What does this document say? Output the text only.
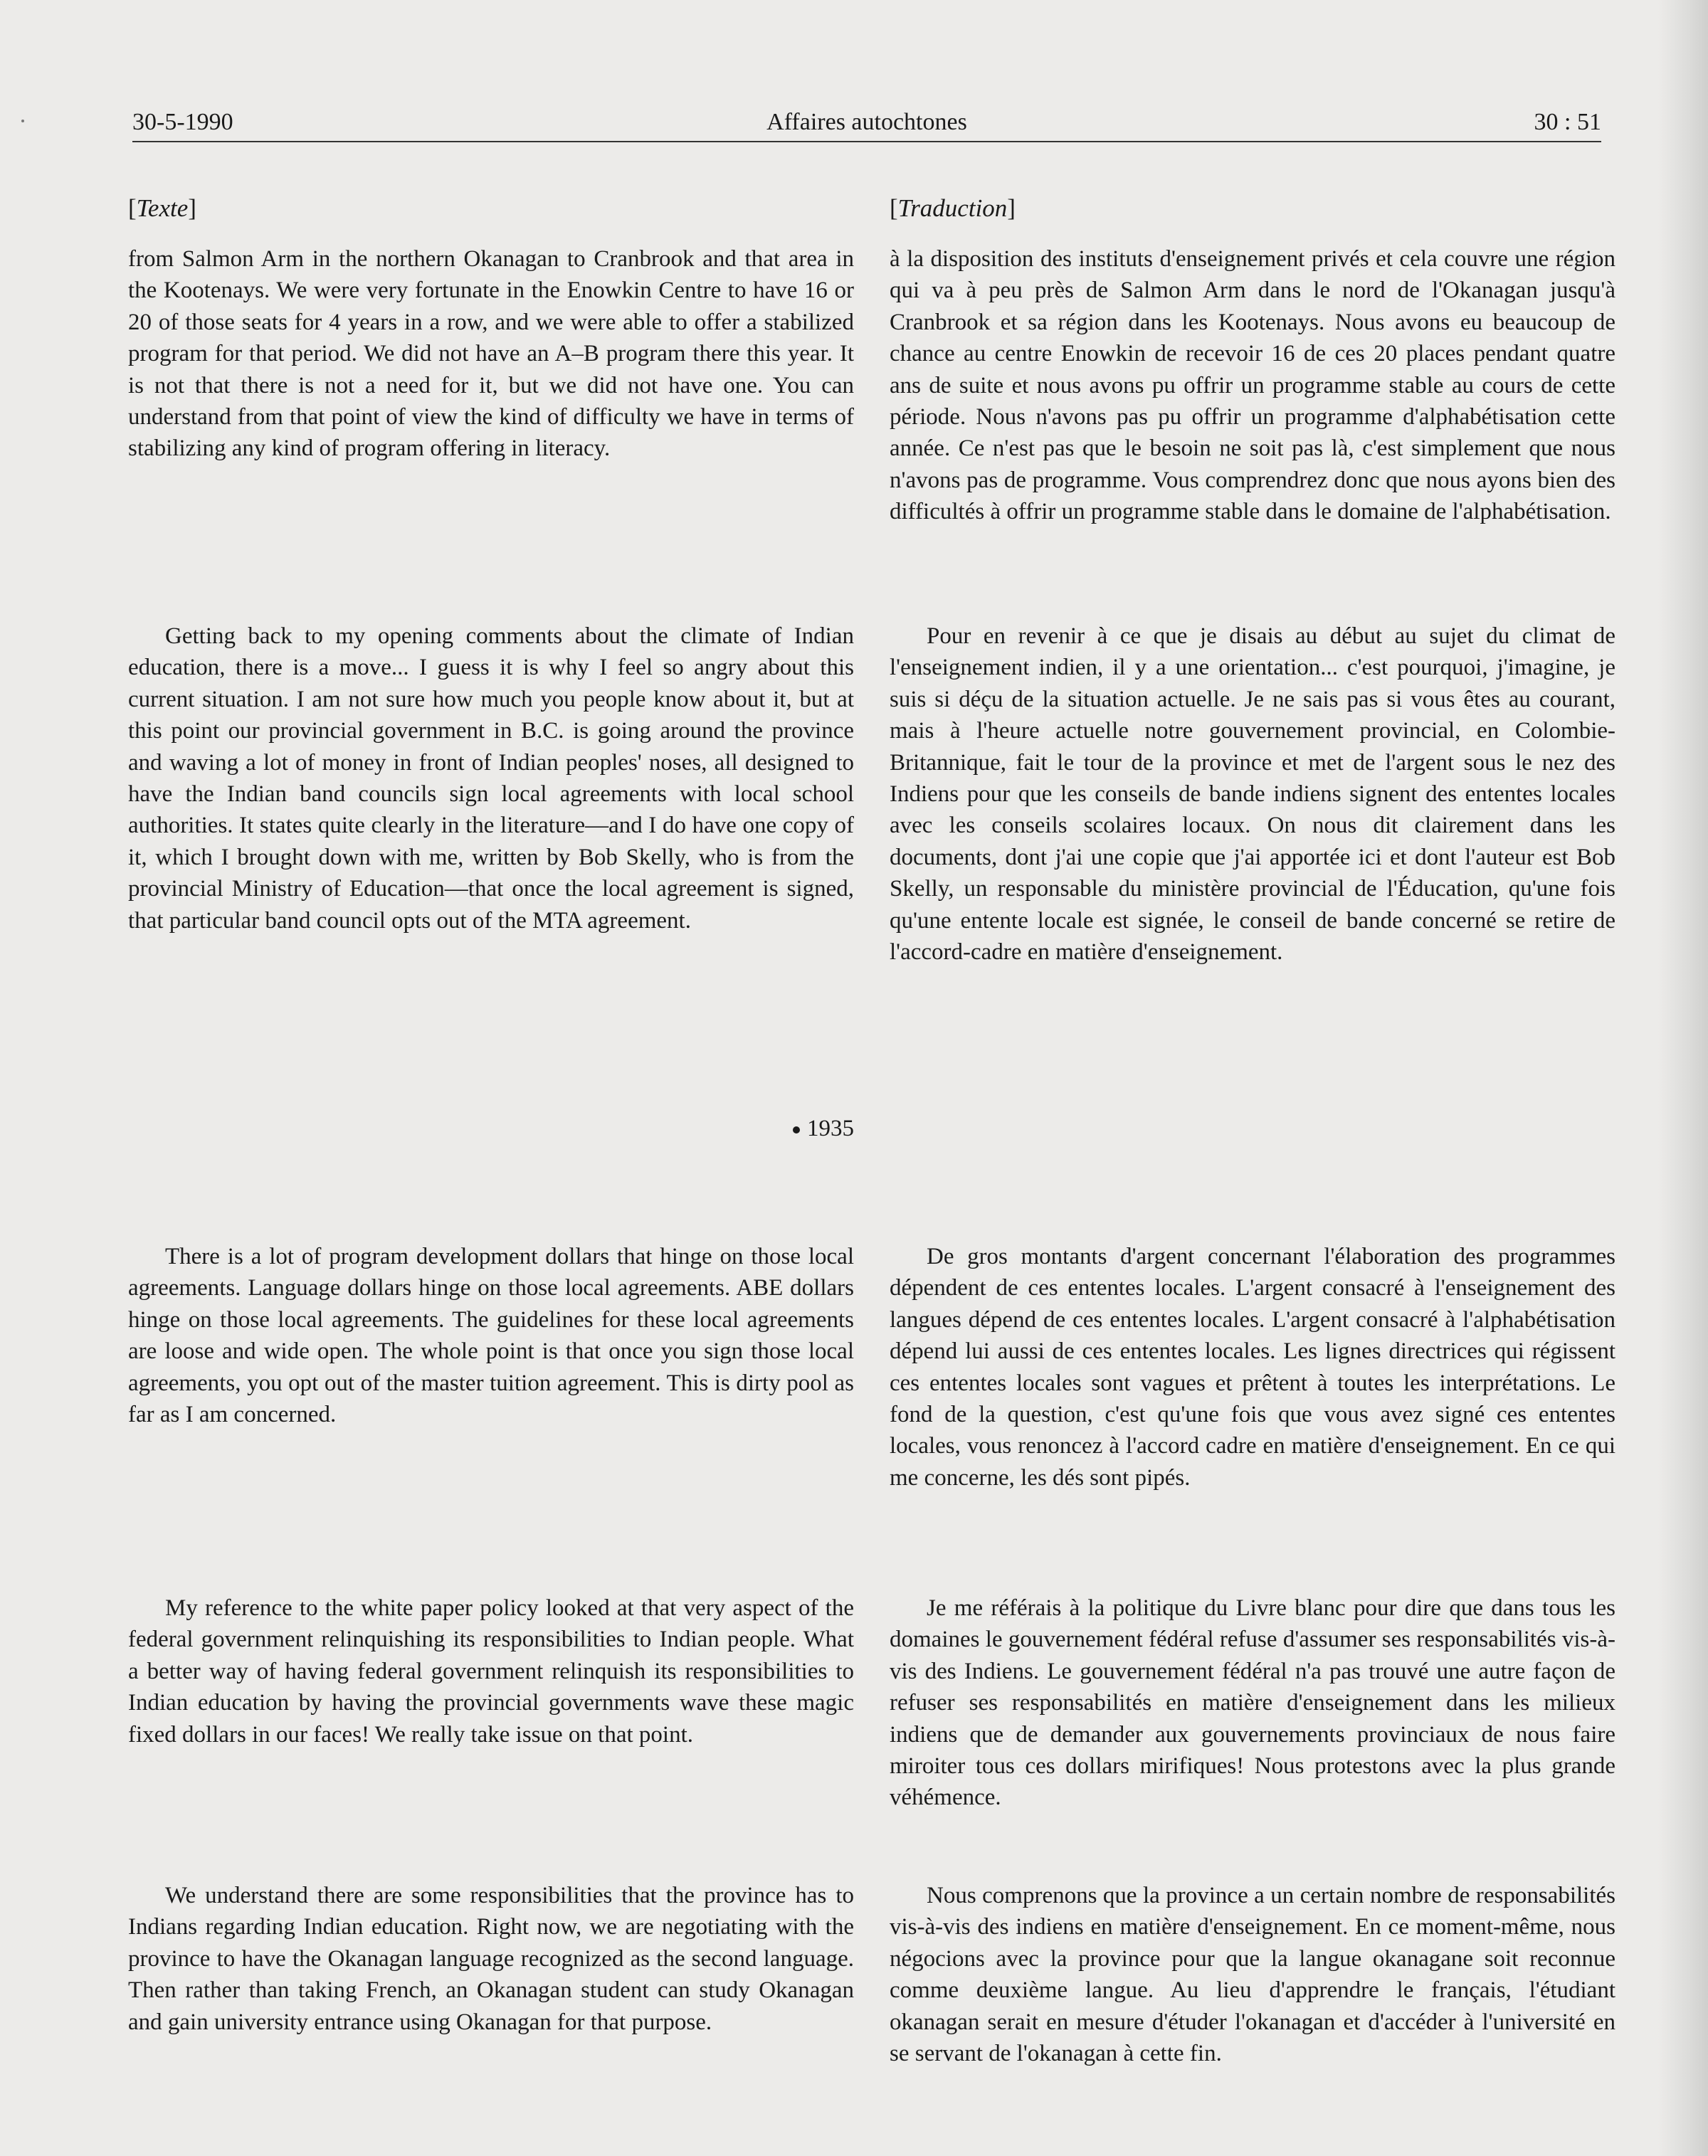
30-5-1990	Affaires autochtones	30 : 51

[Texte]

from Salmon Arm in the northern Okanagan to Cranbrook and that area in the Kootenays. We were very fortunate in the Enowkin Centre to have 16 or 20 of those seats for 4 years in a row, and we were able to offer a stabilized program for that period. We did not have an A–B program there this year. It is not that there is not a need for it, but we did not have one. You can understand from that point of view the kind of difficulty we have in terms of stabilizing any kind of program offering in literacy.

Getting back to my opening comments about the climate of Indian education, there is a move... I guess it is why I feel so angry about this current situation. I am not sure how much you people know about it, but at this point our provincial government in B.C. is going around the province and waving a lot of money in front of Indian peoples' noses, all designed to have the Indian band councils sign local agreements with local school authorities. It states quite clearly in the literature—and I do have one copy of it, which I brought down with me, written by Bob Skelly, who is from the provincial Ministry of Education—that once the local agreement is signed, that particular band council opts out of the MTA agreement.

1935

There is a lot of program development dollars that hinge on those local agreements. Language dollars hinge on those local agreements. ABE dollars hinge on those local agreements. The guidelines for these local agreements are loose and wide open. The whole point is that once you sign those local agreements, you opt out of the master tuition agreement. This is dirty pool as far as I am concerned.

My reference to the white paper policy looked at that very aspect of the federal government relinquishing its responsibilities to Indian people. What a better way of having federal government relinquish its responsibilities to Indian education by having the provincial governments wave these magic fixed dollars in our faces! We really take issue on that point.

We understand there are some responsibilities that the province has to Indians regarding Indian education. Right now, we are negotiating with the province to have the Okanagan language recognized as the second language. Then rather than taking French, an Okanagan student can study Okanagan and gain university entrance using Okanagan for that purpose.

[Traduction]

à la disposition des instituts d'enseignement privés et cela couvre une région qui va à peu près de Salmon Arm dans le nord de l'Okanagan jusqu'à Cranbrook et sa région dans les Kootenays. Nous avons eu beaucoup de chance au centre Enowkin de recevoir 16 de ces 20 places pendant quatre ans de suite et nous avons pu offrir un programme stable au cours de cette période. Nous n'avons pas pu offrir un programme d'alphabétisation cette année. Ce n'est pas que le besoin ne soit pas là, c'est simplement que nous n'avons pas de programme. Vous comprendrez donc que nous ayons bien des difficultés à offrir un programme stable dans le domaine de l'alphabétisation.

Pour en revenir à ce que je disais au début au sujet du climat de l'enseignement indien, il y a une orientation... c'est pourquoi, j'imagine, je suis si déçu de la situation actuelle. Je ne sais pas si vous êtes au courant, mais à l'heure actuelle notre gouvernement provincial, en Colombie-Britannique, fait le tour de la province et met de l'argent sous le nez des Indiens pour que les conseils de bande indiens signent des ententes locales avec les conseils scolaires locaux. On nous dit clairement dans les documents, dont j'ai une copie que j'ai apportée ici et dont l'auteur est Bob Skelly, un responsable du ministère provincial de l'Éducation, qu'une fois qu'une entente locale est signée, le conseil de bande concerné se retire de l'accord-cadre en matière d'enseignement.

De gros montants d'argent concernant l'élaboration des programmes dépendent de ces ententes locales. L'argent consacré à l'enseignement des langues dépend de ces ententes locales. L'argent consacré à l'alphabétisation dépend lui aussi de ces ententes locales. Les lignes directrices qui régissent ces ententes locales sont vagues et prêtent à toutes les interprétations. Le fond de la question, c'est qu'une fois que vous avez signé ces ententes locales, vous renoncez à l'accord cadre en matière d'enseignement. En ce qui me concerne, les dés sont pipés.

Je me référais à la politique du Livre blanc pour dire que dans tous les domaines le gouvernement fédéral refuse d'assumer ses responsabilités vis-à-vis des Indiens. Le gouvernement fédéral n'a pas trouvé une autre façon de refuser ses responsabilités en matière d'enseignement dans les milieux indiens que de demander aux gouvernements provinciaux de nous faire miroiter tous ces dollars mirifiques! Nous protestons avec la plus grande véhémence.

Nous comprenons que la province a un certain nombre de responsabilités vis-à-vis des indiens en matière d'enseignement. En ce moment-même, nous négocions avec la province pour que la langue okanagane soit reconnue comme deuxième langue. Au lieu d'apprendre le français, l'étudiant okanagan serait en mesure d'étuder l'okanagan et d'accéder à l'université en se servant de l'okanagan à cette fin.
